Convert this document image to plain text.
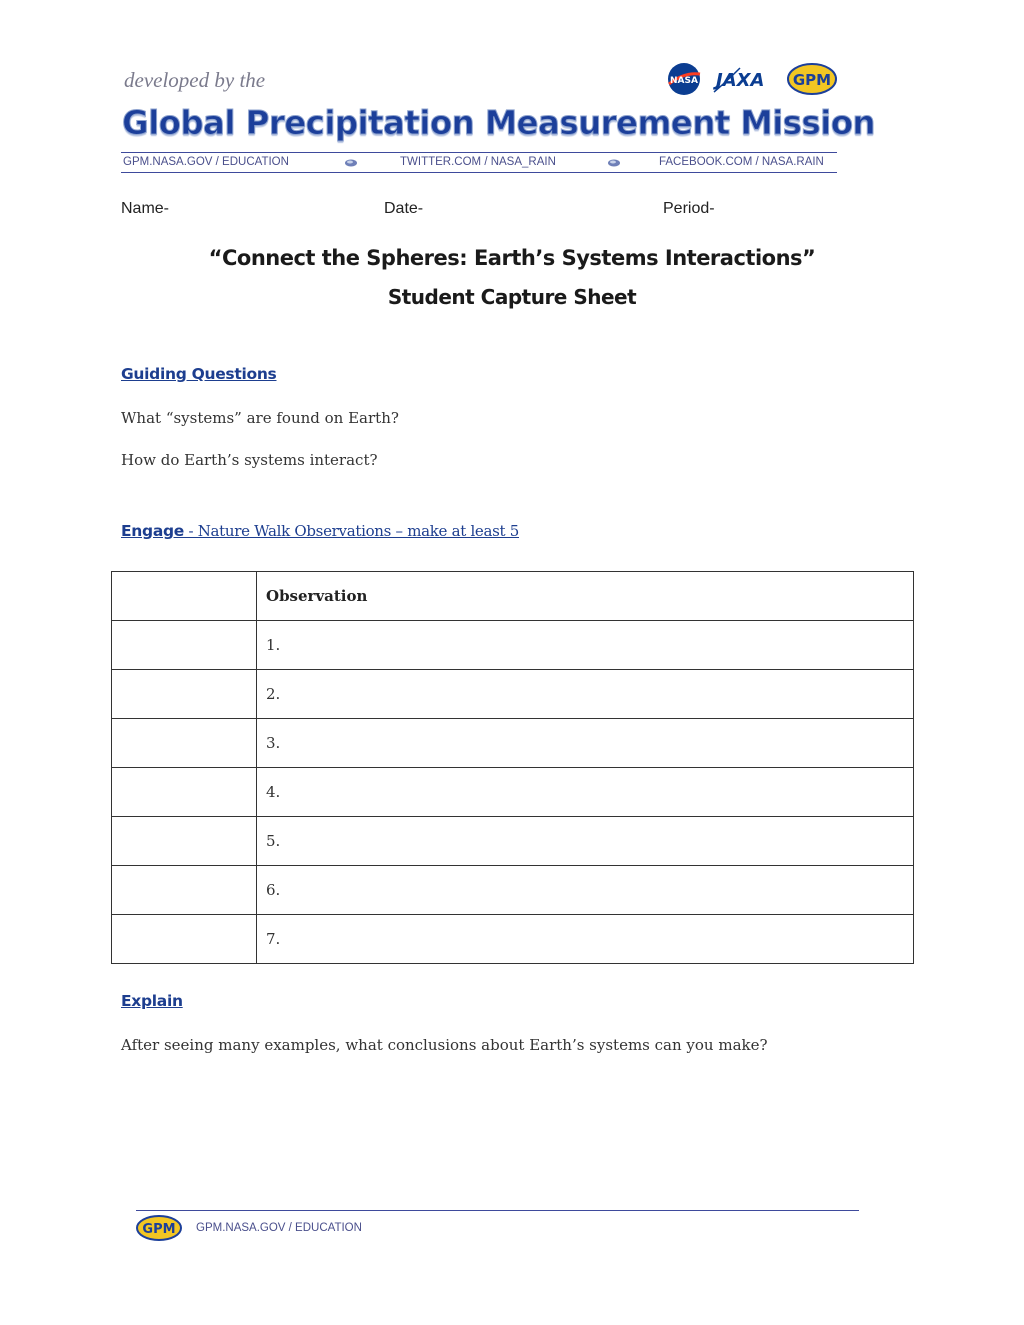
developed by the	NASA JAXA GPM
Global Precipitation Measurement Mission
GPM.NASA.GOV / EDUCATION	TWITTER.COM / NASA_RAIN	FACEBOOK.COM / NASA.RAIN
Name-	Date-	Period-
“Connect the Spheres: Earth’s Systems Interactions”
Student Capture Sheet
Guiding Questions
What “systems” are found on Earth?
How do Earth’s systems interact?
Engage - Nature Walk Observations – make at least 5
	Observation
	1.
	2.
	3.
	4.
	5.
	6.
	7.
Explain
After seeing many examples, what conclusions about Earth’s systems can you make?
GPM GPM.NASA.GOV / EDUCATION
